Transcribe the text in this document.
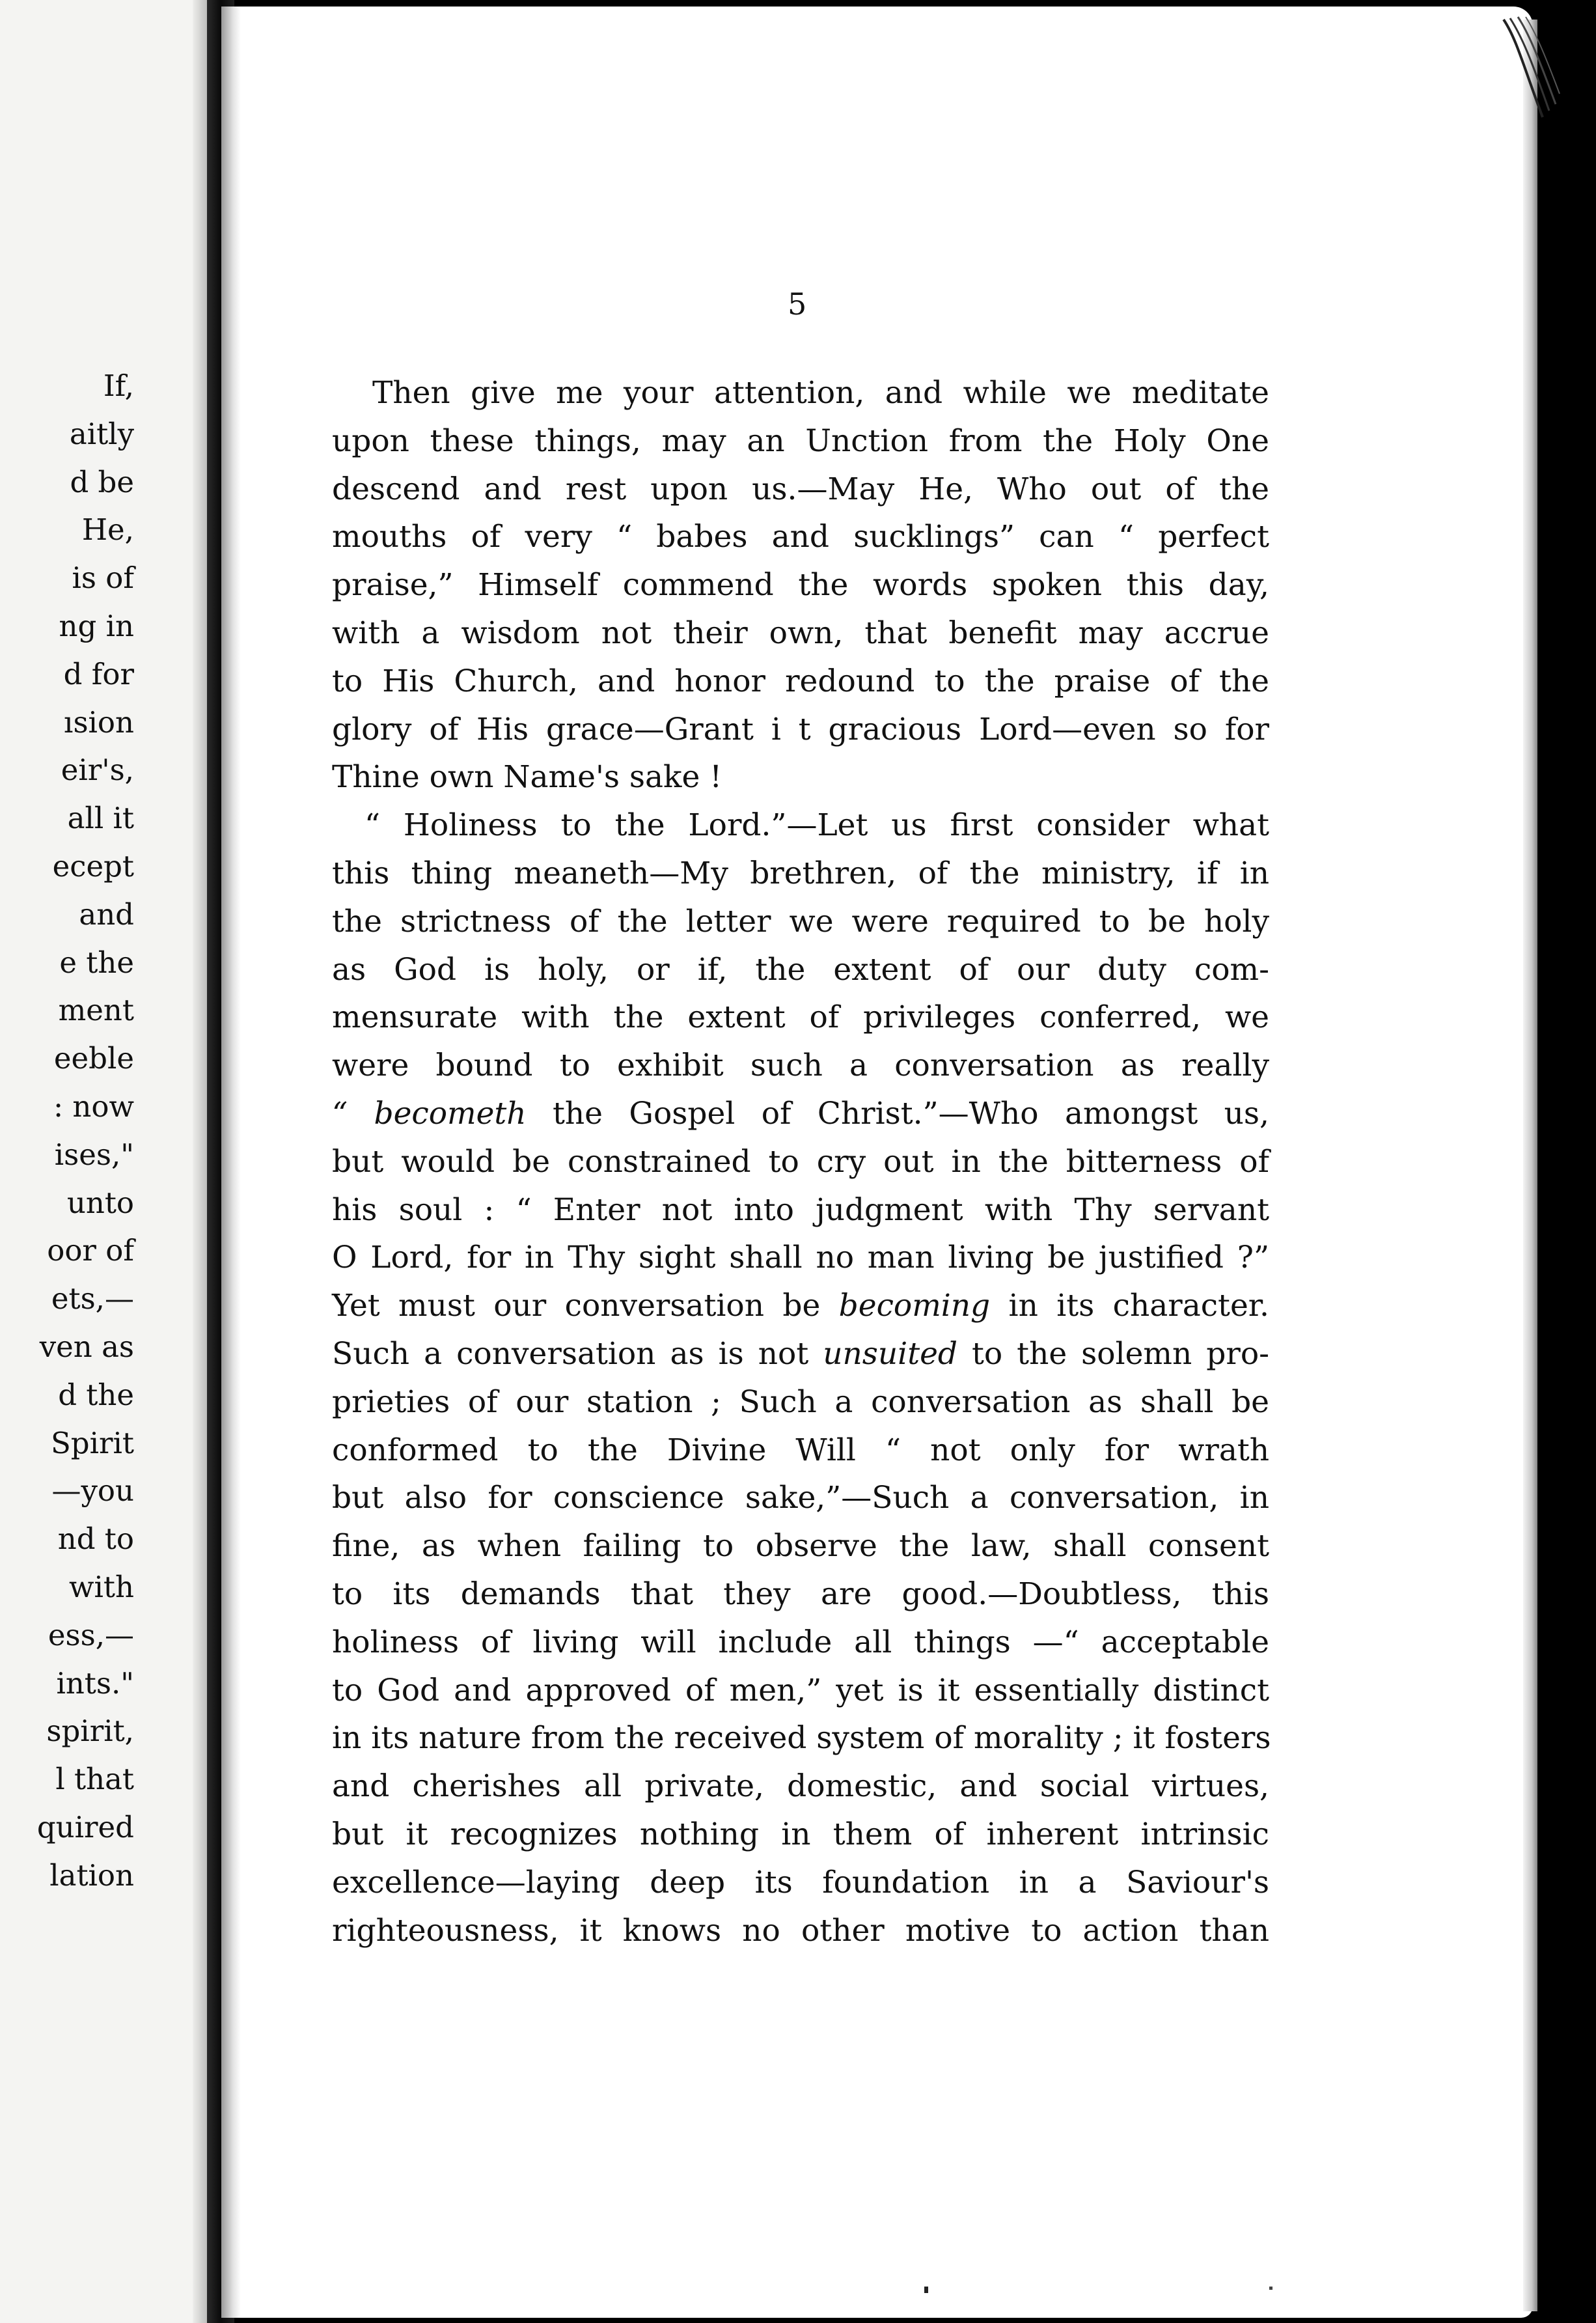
If,
aitly
d be
He,
is of
ng in
d for
ısion
eir's,
all it
ecept
and
e the
ment
eeble
: now
ises,"
unto
oor of
ets,—
ven as
d the
Spirit
—you
nd to
with
ess,—
ints."
spirit,
l that
quired
lation
5
Then give me your attention, and while we meditate
upon these things, may an Unction from the Holy One
descend and rest upon us.—May He, Who out of the
mouths of very “ babes and sucklings” can “ perfect
praise,” Himself commend the words spoken this day,
with a wisdom not their own, that benefit may accrue
to His Church, and honor redound to the praise of the
glory of His grace—Grant i t gracious Lord—even so for
Thine own Name's sake !
“ Holiness to the Lord.”—Let us first consider what
this thing meaneth—My brethren, of the ministry, if in
the strictness of the letter we were required to be holy
as God is holy, or if, the extent of our duty com-
mensurate with the extent of privileges conferred, we
were bound to exhibit such a conversation as really
“ becometh the Gospel of Christ.”—Who amongst us,
but would be constrained to cry out in the bitterness of
his soul : “ Enter not into judgment with Thy servant
O Lord, for in Thy sight shall no man living be justified ?”
Yet must our conversation be becoming in its character.
Such a conversation as is not unsuited to the solemn pro-
prieties of our station ; Such a conversation as shall be
conformed to the Divine Will “ not only for wrath
but also for conscience sake,”—Such a conversation, in
fine, as when failing to observe the law, shall consent
to its demands that they are good.—Doubtless, this
holiness of living will include all things —“ acceptable
to God and approved of men,” yet is it essentially distinct
in its nature from the received system of morality ; it fosters
and cherishes all private, domestic, and social virtues,
but it recognizes nothing in them of inherent intrinsic
excellence—laying deep its foundation in a Saviour's
righteousness, it knows no other motive to action than
